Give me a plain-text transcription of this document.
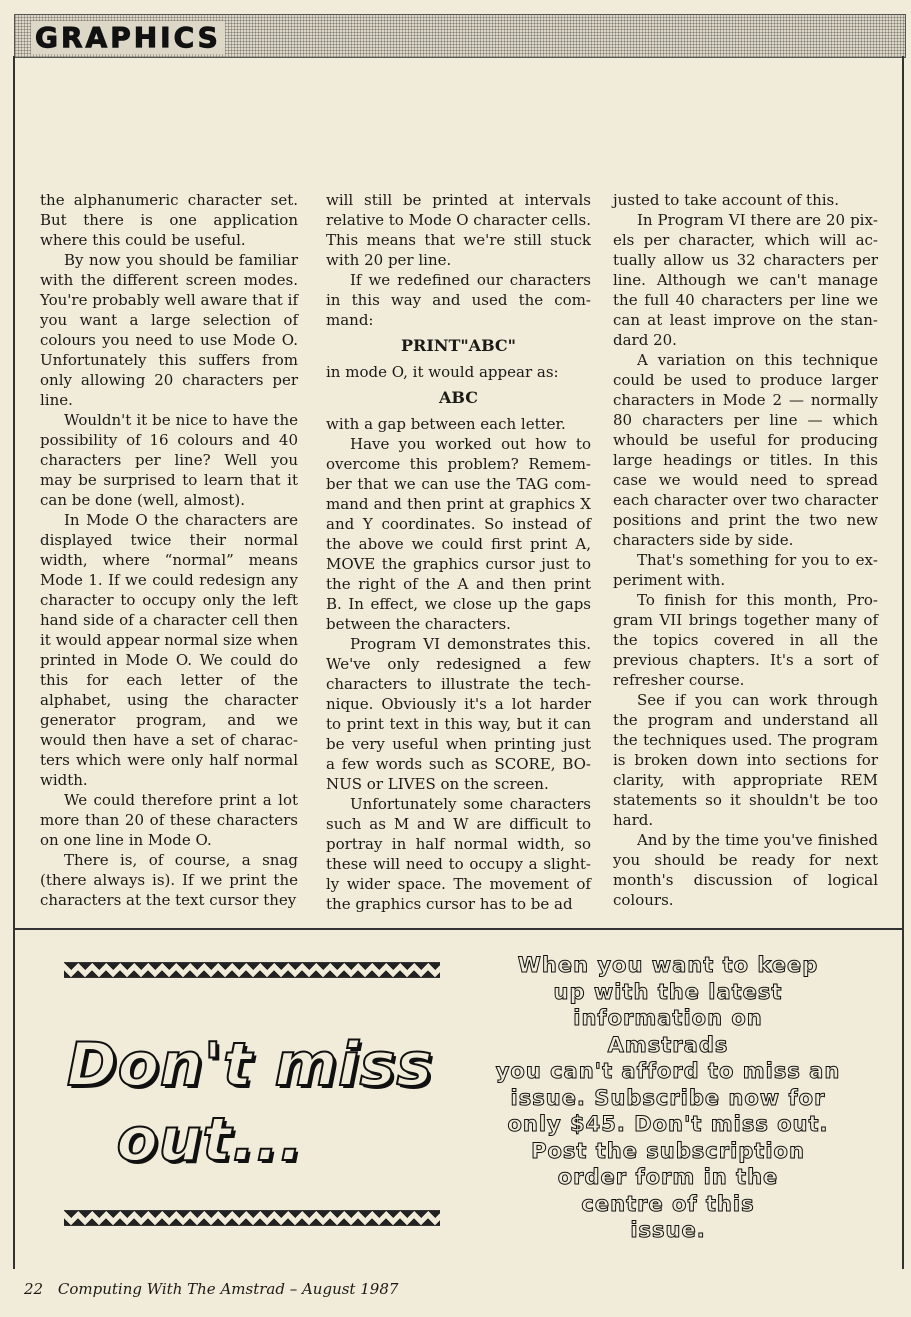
GRAPHICS

the alphanumeric character set. But there is one application where this could be useful.

By now you should be familiar with the different screen modes. You're probably well aware that if you want a large selection of colours you need to use Mode O. Unfortunately this suffers from only allowing 20 characters per line.

Wouldn't it be nice to have the possibility of 16 colours and 40 characters per line? Well you may be surprised to learn that it can be done (well, almost).

In Mode O the characters are displayed twice their normal width, where “normal” means Mode 1. If we could redesign any character to occupy only the left hand side of a character cell then it would appear normal size when printed in Mode O. We could do this for each letter of the alphabet, using the character generator program, and we would then have a set of characters which were only half normal width.

We could therefore print a lot more than 20 of these characters on one line in Mode O.

There is, of course, a snag (there always is). If we print the characters at the text cursor they

will still be printed at intervals relative to Mode O character cells. This means that we're still stuck with 20 per line.

If we redefined our characters in this way and used the command:

PRINT"ABC"

in mode O, it would appear as:

ABC

with a gap between each letter.

Have you worked out how to overcome this problem? Remember that we can use the TAG command and then print at graphics X and Y coordinates. So instead of the above we could first print A, MOVE the graphics cursor just to the right of the A and then print B. In effect, we close up the gaps between the characters.

Program VI demonstrates this. We've only redesigned a few characters to illustrate the technique. Obviously it's a lot harder to print text in this way, but it can be very useful when printing just a few words such as SCORE, BONUS or LIVES on the screen.

Unfortunately some characters such as M and W are difficult to portray in half normal width, so these will need to occupy a slightly wider space. The movement of the graphics cursor has to be ad

justed to take account of this.

In Program VI there are 20 pixels per character, which will actually allow us 32 characters per line. Although we can't manage the full 40 characters per line we can at least improve on the standard 20.

A variation on this technique could be used to produce larger characters in Mode 2 — normally 80 characters per line — which whould be useful for producing large headings or titles. In this case we would need to spread each character over two character positions and print the two new characters side by side.

That's something for you to experiment with.

To finish for this month, Program VII brings together many of the topics covered in all the previous chapters. It's a sort of refresher course.

See if you can work through the program and understand all the techniques used. The program is broken down into sections for clarity, with appropriate REM statements so it shouldn't be too hard.

And by the time you've finished you should be ready for next month's discussion of logical colours.

Don't miss
out...
When you want to keep
up with the latest
information on
Amstrads
you can't afford to miss an
issue. Subscribe now for
only $45. Don't miss out.
Post the subscription
order form in the
centre of this
issue.
22 Computing With The Amstrad – August 1987
